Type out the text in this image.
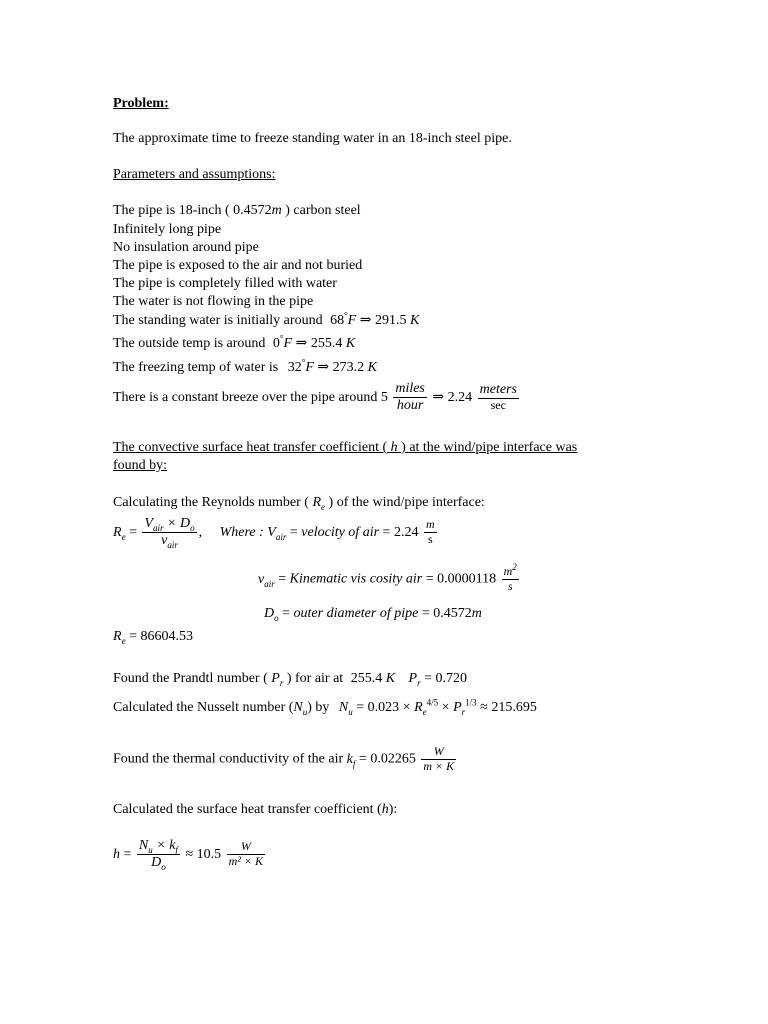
Problem:
The approximate time to freeze standing water in an 18-inch steel pipe.
Parameters and assumptions:
The pipe is 18-inch ( 0.4572m ) carbon steel
Infinitely long pipe
No insulation around pipe
The pipe is exposed to the air and not buried
The pipe is completely filled with water
The water is not flowing in the pipe
The standing water is initially around 68°F ⇒ 291.5 K
The outside temp is around 0°F ⇒ 255.4 K
The freezing temp of water is 32°F ⇒ 273.2 K
There is a constant breeze over the pipe around $5 \frac{\text{miles}}{\text{hour}}$ ⇒ $2.24 \frac{\text{meters}}{\sec}$
The convective surface heat transfer coefficient ( h ) at the wind/pipe interface was
found by:
Calculating the Reynolds number ( $R_e$ ) of the wind/pipe interface:
$R_e = \frac{V_{air} \times D_o}{\nu_{air}}$ , Where : $V_{air}$ = velocity of air = $2.24 \frac{m}{s}$
$\nu_{air}$ = Kinematic vis cosity air = $0.0000118 \frac{m^2}{s}$
$D_o$ = outer diameter of pipe = 0.4572m
$R_e = 86604.53$
Found the Prandtl number ( $P_r$ ) for air at 255.4 K $P_r = 0.720$
Calculated the Nusselt number $(N_u)$ by $N_u = 0.023 \times R_e^{4/5} \times P_r^{1/3} \approx 215.695$
Found the thermal conductivity of the air $k_f = 0.02265 \frac{W}{m \times K}$
Calculated the surface heat transfer coefficient (h):
$h = \frac{N_u \times k_f}{D_o} \approx 10.5 \frac{W}{\text{m² × K}}$
